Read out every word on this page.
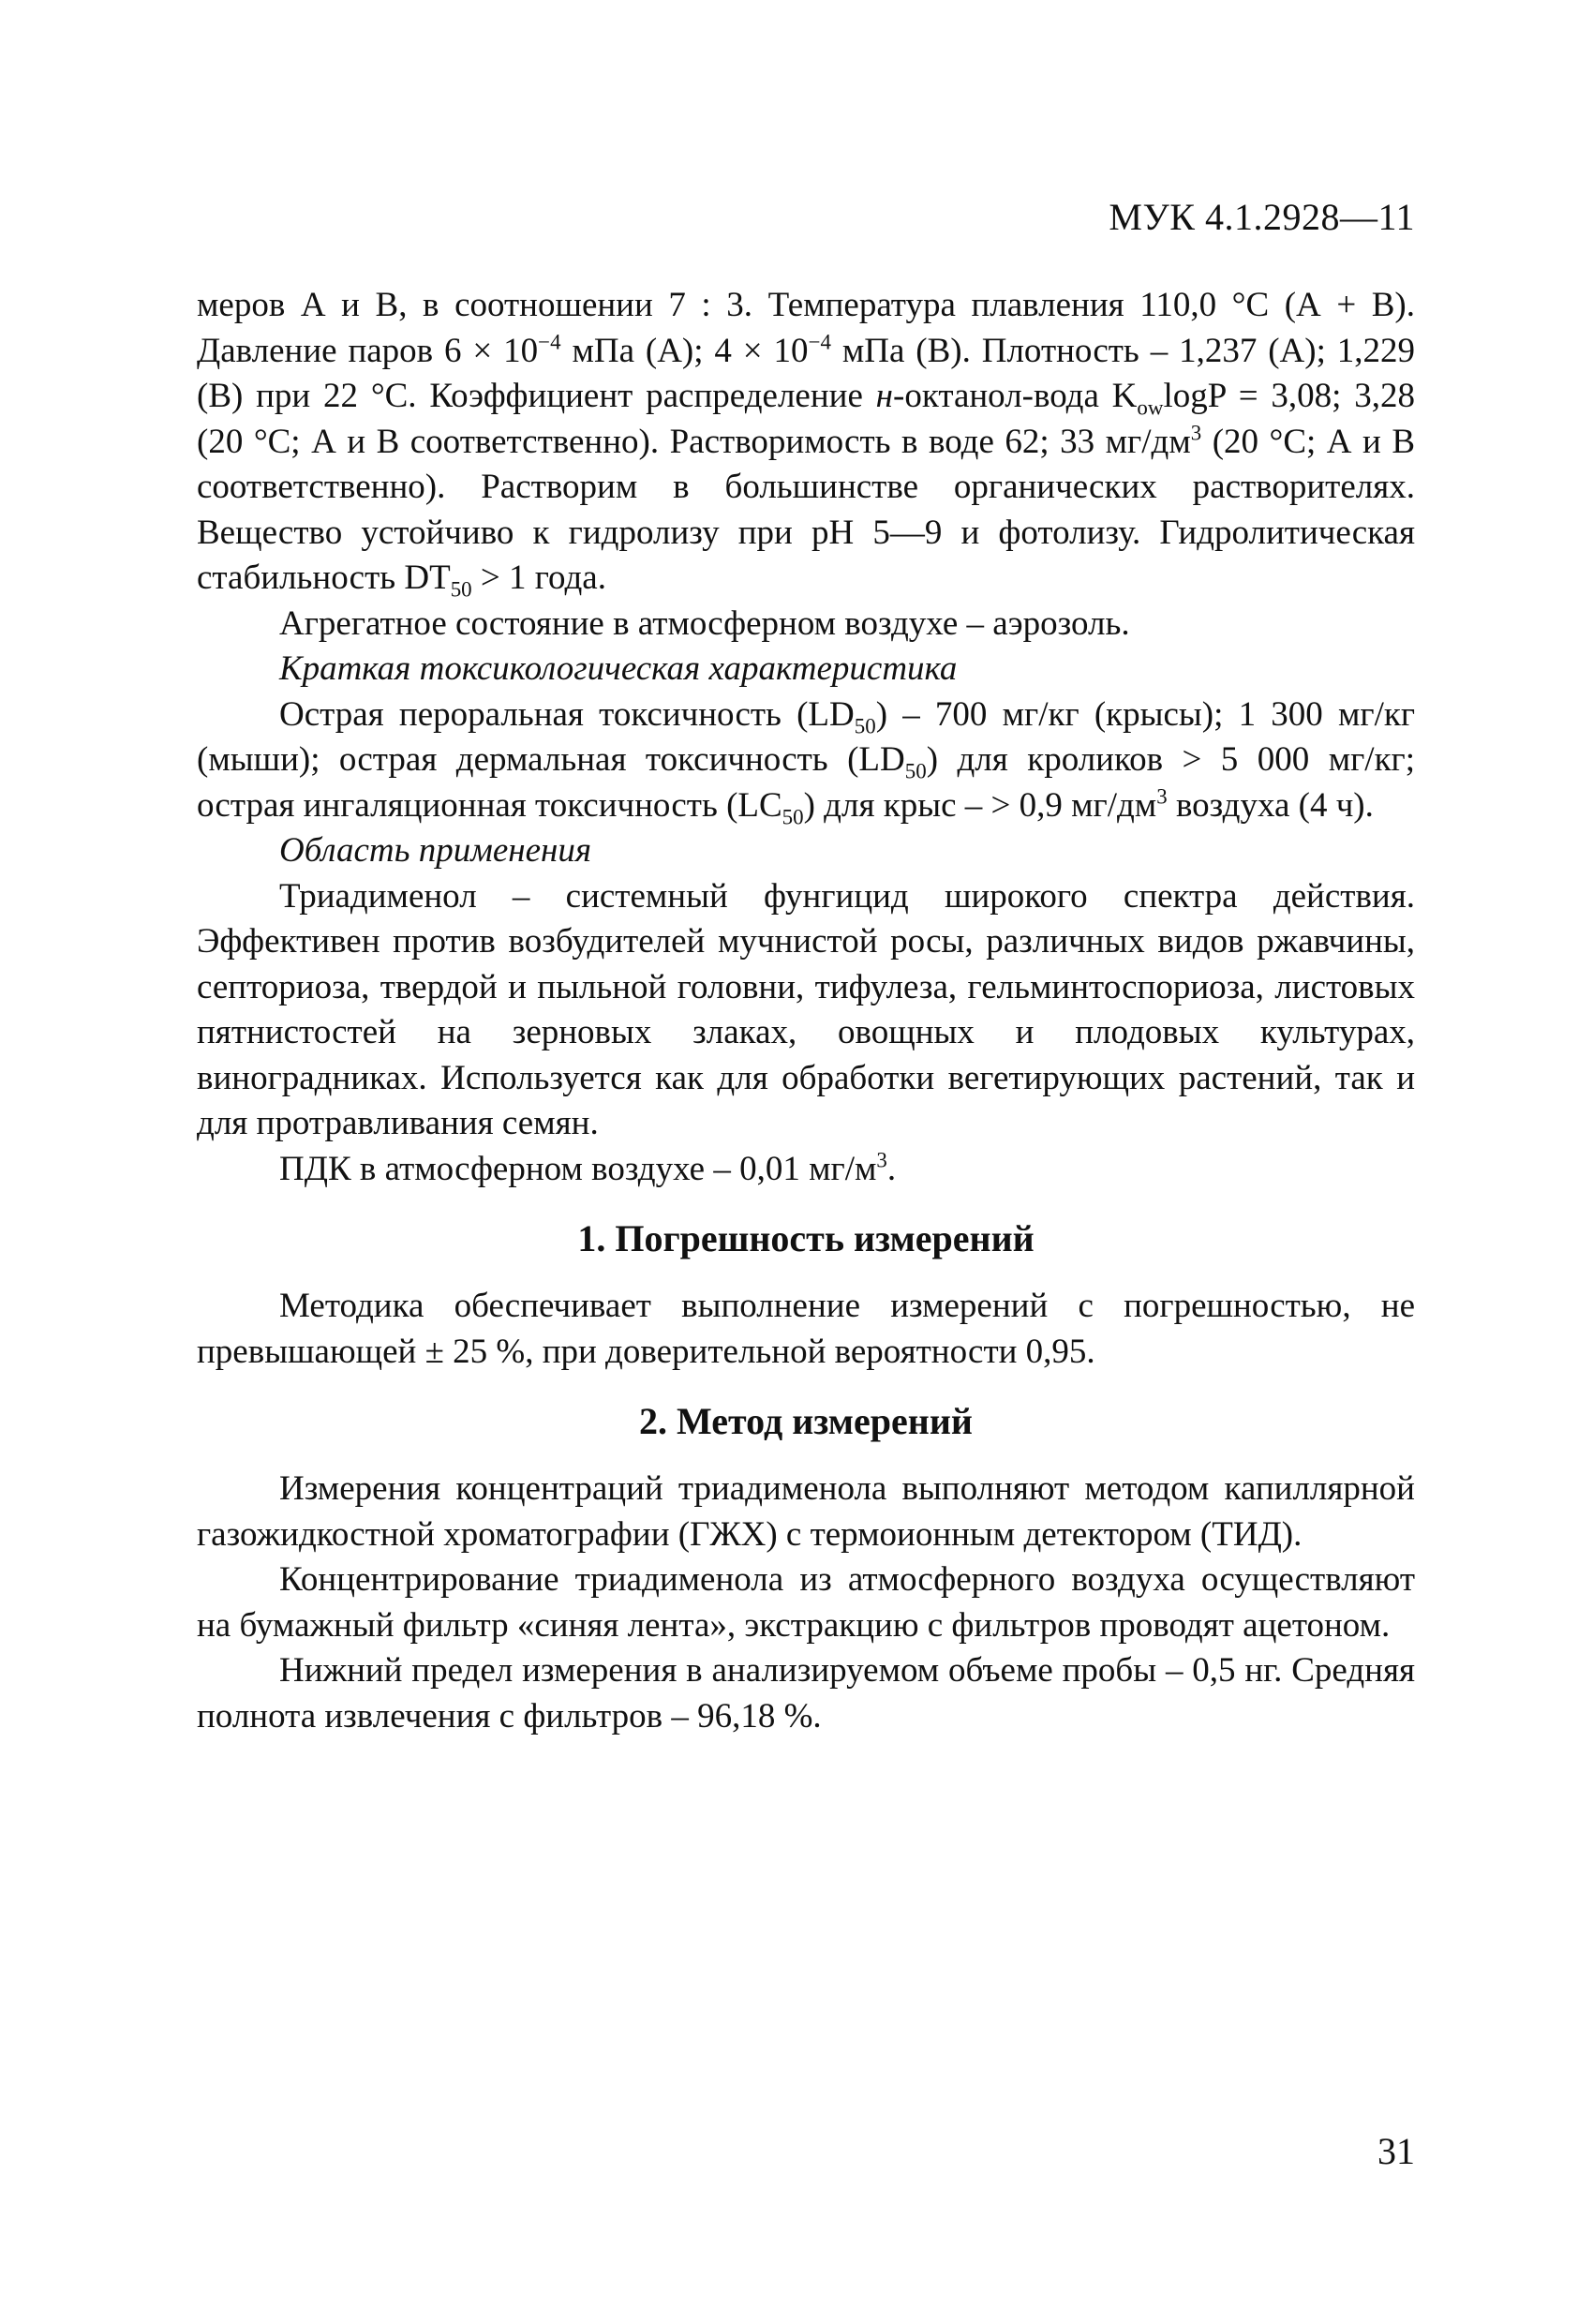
МУК 4.1.2928—11

меров А и В, в соотношении 7 : 3. Температура плавления 110,0 °С (А + В). Давление паров $6 \times 10^{-4}$ мПа (А); $4 \times 10^{-4}$ мПа (В). Плотность – 1,237 (А); 1,229 (В) при 22 °С. Коэффициент распределение н-октанол-вода $K_{ow}\log P = 3,08$; 3,28 (20 °С; А и В соответственно). Растворимость в воде 62; 33 $мг/дм^3$ (20 °С; А и В соответственно). Растворим в большинстве органических растворителях. Вещество устойчиво к гидролизу при pH 5—9 и фотолизу. Гидролитическая стабильность $DT_{50} > 1$ года.

Агрегатное состояние в атмосферном воздухе – аэрозоль.

Краткая токсикологическая характеристика

Острая пероральная токсичность $(LD_{50}) - 700$ мг/кг (крысы); 1 300 мг/кг (мыши); острая дермальная токсичность $(LD_{50})$ для кроликов > 5 000 мг/кг; острая ингаляционная токсичность $(LC_{50})$ для крыс – > 0,9 $мг/дм^3$ воздуха (4 ч).

Область применения

Триадименол – системный фунгицид широкого спектра действия. Эффективен против возбудителей мучнистой росы, различных видов ржавчины, септориоза, твердой и пыльной головни, тифулеза, гельминтоспориоза, листовых пятнистостей на зерновых злаках, овощных и плодовых культурах, виноградниках. Используется как для обработки вегетирующих растений, так и для протравливания семян.

ПДК в атмосферном воздухе – 0,01 $мг/м^3$.

1. Погрешность измерений

Методика обеспечивает выполнение измерений с погрешностью, не превышающей ± 25 %, при доверительной вероятности 0,95.

2. Метод измерений

Измерения концентраций триадименола выполняют методом капиллярной газожидкостной хроматографии (ГЖХ) с термоионным детектором (ТИД).

Концентрирование триадименола из атмосферного воздуха осуществляют на бумажный фильтр «синяя лента», экстракцию с фильтров проводят ацетоном.

Нижний предел измерения в анализируемом объеме пробы – 0,5 нг. Средняя полнота извлечения с фильтров – 96,18 %.

31
